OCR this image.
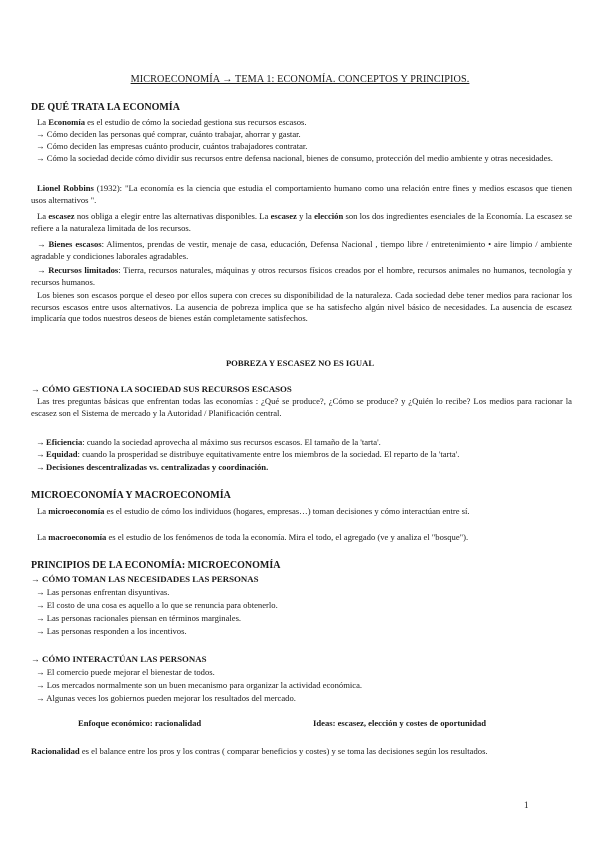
MICROECONOMÍA → TEMA 1: ECONOMÍA. CONCEPTOS Y PRINCIPIOS.
DE QUÉ TRATA LA ECONOMÍA
La Economía es el estudio de cómo la sociedad gestiona sus recursos escasos.
→ Cómo deciden las personas qué comprar, cuánto trabajar, ahorrar y gastar.
→ Cómo deciden las empresas cuánto producir, cuántos trabajadores contratar.
→ Cómo la sociedad decide cómo dividir sus recursos entre defensa nacional, bienes de consumo, protección del medio ambiente y otras necesidades.
Lionel Robbins (1932): "La economía es la ciencia que estudia el comportamiento humano como una relación entre fines y medios escasos que tienen usos alternativos ".
La escasez nos obliga a elegir entre las alternativas disponibles. La escasez y la elección son los dos ingredientes esenciales de la Economía. La escasez se refiere a la naturaleza limitada de los recursos.
→ Bienes escasos: Alimentos, prendas de vestir, menaje de casa, educación, Defensa Nacional , tiempo libre / entretenimiento • aire limpio / ambiente agradable y condiciones laborales agradables.
→ Recursos limitados: Tierra, recursos naturales, máquinas y otros recursos físicos creados por el hombre, recursos animales no humanos, tecnología y recursos humanos.
Los bienes son escasos porque el deseo por ellos supera con creces su disponibilidad de la naturaleza. Cada sociedad debe tener medios para racionar los recursos escasos entre usos alternativos. La ausencia de pobreza implica que se ha satisfecho algún nivel básico de necesidades. La ausencia de escasez implicaría que todos nuestros deseos de bienes están completamente satisfechos.
POBREZA Y ESCASEZ NO ES IGUAL
→ CÓMO GESTIONA LA SOCIEDAD SUS RECURSOS ESCASOS
Las tres preguntas básicas que enfrentan todas las economías : ¿Qué se produce?, ¿Cómo se produce? y ¿Quién lo recibe? Los medios para racionar la escasez son el Sistema de mercado y la Autoridad / Planificación central.
→Eficiencia: cuando la sociedad aprovecha al máximo sus recursos escasos. El tamaño de la 'tarta'.
→Equidad: cuando la prosperidad se distribuye equitativamente entre los miembros de la sociedad. El reparto de la 'tarta'.
→Decisiones descentralizadas vs. centralizadas y coordinación.
MICROECONOMÍA Y MACROECONOMÍA
La microeconomía es el estudio de cómo los individuos (hogares, empresas…) toman decisiones y cómo interactúan entre sí.
La macroeconomía es el estudio de los fenómenos de toda la economía. Mira el todo, el agregado (ve y analiza el "bosque").
PRINCIPIOS DE LA ECONOMÍA: MICROECONOMÍA
→ CÓMO TOMAN LAS NECESIDADES LAS PERSONAS
→ Las personas enfrentan disyuntivas.
→ El costo de una cosa es aquello a lo que se renuncia para obtenerlo.
→ Las personas racionales piensan en términos marginales.
→ Las personas responden a los incentivos.
→ CÓMO INTERACTÚAN LAS PERSONAS
→ El comercio puede mejorar el bienestar de todos.
→ Los mercados normalmente son un buen mecanismo para organizar la actividad económica.
→ Algunas veces los gobiernos pueden mejorar los resultados del mercado.
Enfoque económico: racionalidad	Ideas: escasez, elección y costes de oportunidad
Racionalidad es el balance entre los pros y los contras ( comparar beneficios y costes) y se toma las decisiones según los resultados.
1
